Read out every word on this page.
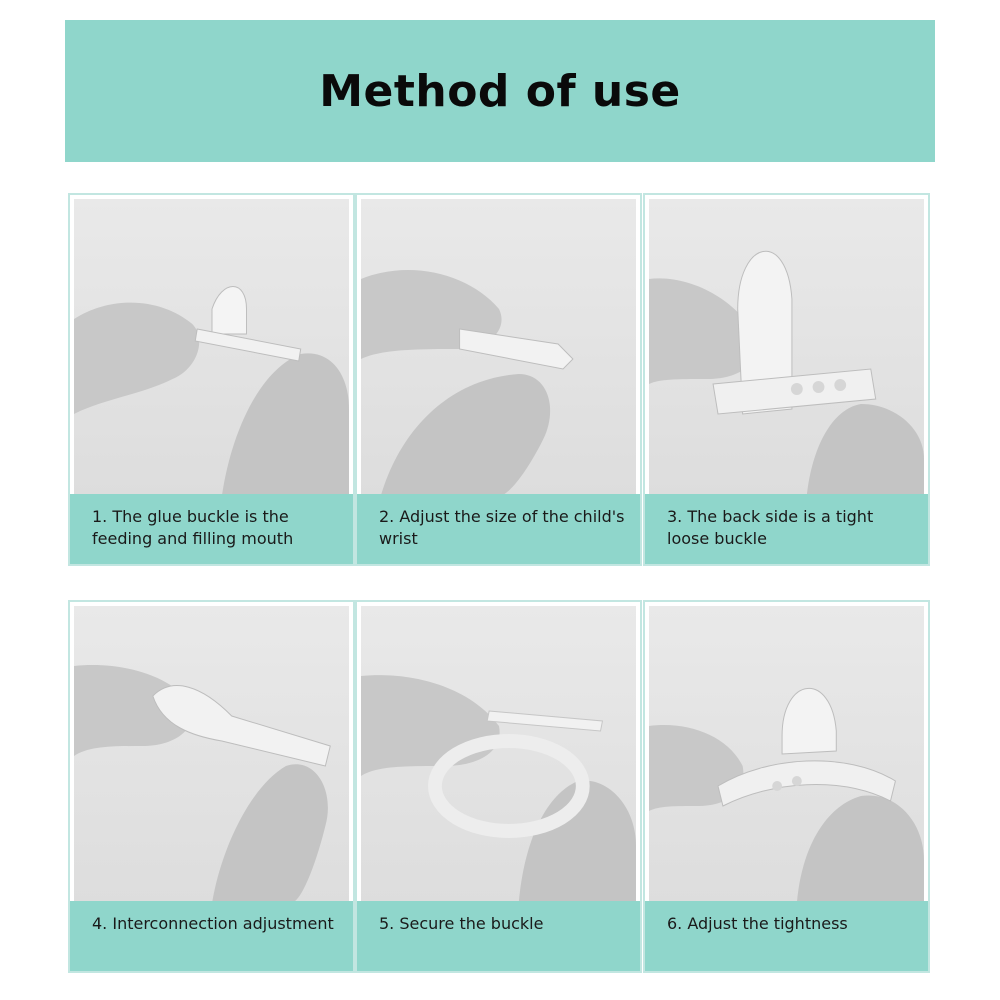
Method of use
1. The glue buckle is the feeding and filling mouth
2. Adjust the size of the child's wrist
3. The back side is a tight loose buckle
4. Interconnection adjustment	5. Secure the buckle	6. Adjust the tightness
